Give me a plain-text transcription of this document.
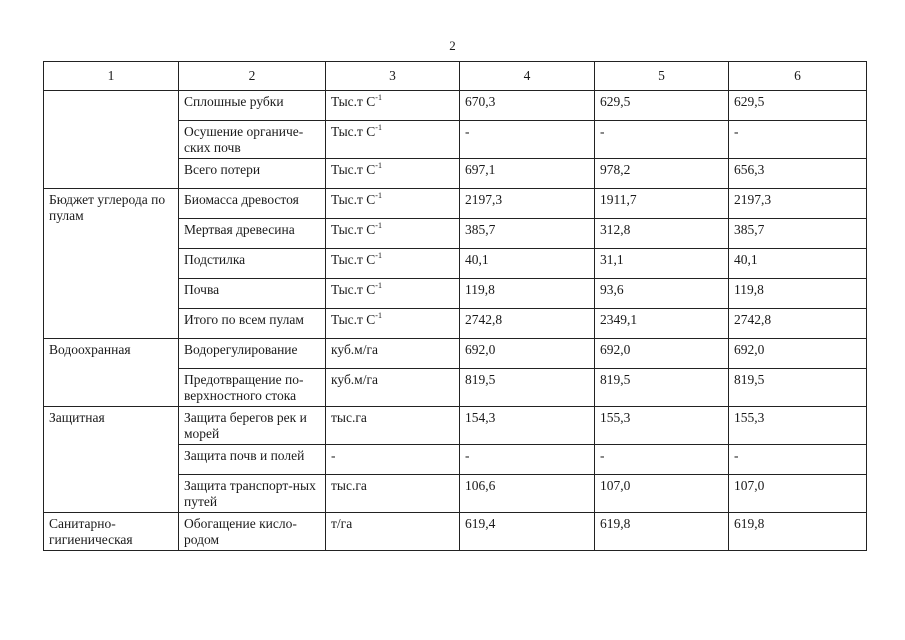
2
1	2	3	4	5	6
	Сплошные рубки	Тыс.т $С^{-1}$	670,3	629,5	629,5
	Осушение органиче-ских почв	Тыс.т $С^{-1}$	-	-	-
	Всего потери	Тыс.т $С^{-1}$	697,1	978,2	656,3
Бюджет углерода по пулам	Биомасса древостоя	Тыс.т $С^{-1}$	2197,3	1911,7	2197,3
	Мертвая древесина	Тыс.т $С^{-1}$	385,7	312,8	385,7
	Подстилка	Тыс.т $С^{-1}$	40,1	31,1	40,1
	Почва	Тыс.т $С^{-1}$	119,8	93,6	119,8
	Итого по всем пулам	Тыс.т $С^{-1}$	2742,8	2349,1	2742,8
Водоохранная	Водорегулирование	куб.м/га	692,0	692,0	692,0
	Предотвращение по-верхностного стока	куб.м/га	819,5	819,5	819,5
Защитная	Защита берегов рек и морей	тыс.га	154,3	155,3	155,3
	Защита почв и полей	-	-	-	-
	Защита транспорт-ных путей	тыс.га	106,6	107,0	107,0
Санитарно-гигиеническая	Обогащение кисло-родом	т/га	619,4	619,8	619,8
